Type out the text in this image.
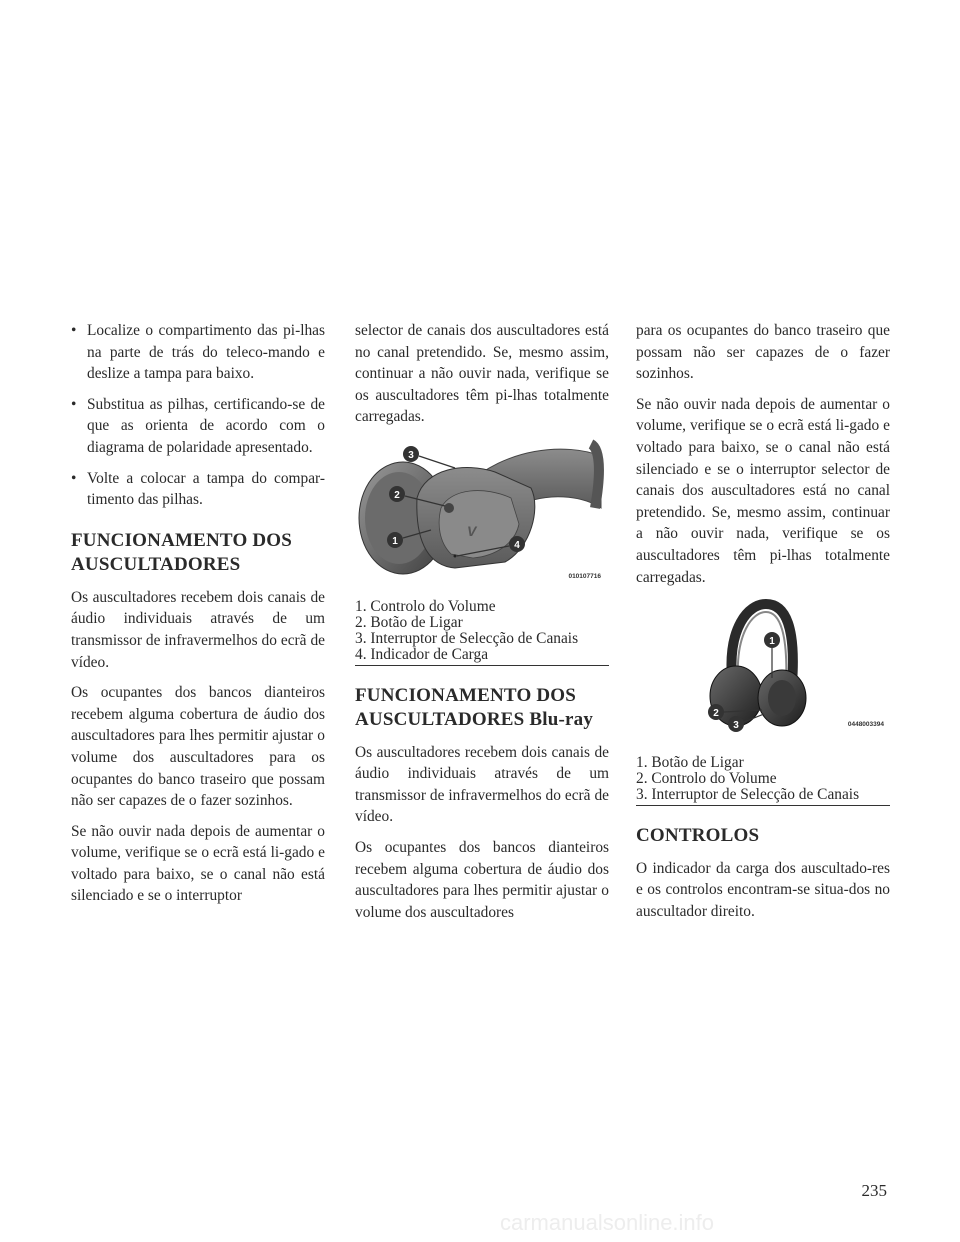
• Localize o compartimento das pi-lhas na parte de trás do teleco-mando e deslize a tampa para baixo.
• Substitua as pilhas, certificando-se de que as orienta de acordo com o diagrama de polaridade apresentado.
• Volte a colocar a tampa do compar-timento das pilhas.
FUNCIONAMENTO DOS AUSCULTADORES

Os auscultadores recebem dois canais de áudio individuais através de um transmissor de infravermelhos do ecrã de vídeo.

Os ocupantes dos bancos dianteiros recebem alguma cobertura de áudio dos auscultadores para lhes permitir ajustar o volume dos auscultadores para os ocupantes do banco traseiro que possam não ser capazes de o fazer sozinhos.

Se não ouvir nada depois de aumentar o volume, verifique se o ecrã está li-gado e voltado para baixo, se o canal não está silenciado e se o interruptor

selector de canais dos auscultadores está no canal pretendido. Se, mesmo assim, continuar a não ouvir nada, verifique se os auscultadores têm pi-lhas totalmente carregadas.

V
3
2
1	4
010107716
1. Controlo do Volume
2. Botão de Ligar
3. Interruptor de Selecção de Canais
4. Indicador de Carga
FUNCIONAMENTO DOS AUSCULTADORES Blu-ray

Os auscultadores recebem dois canais de áudio individuais através de um transmissor de infravermelhos do ecrã de vídeo.

Os ocupantes dos bancos dianteiros recebem alguma cobertura de áudio dos auscultadores para lhes permitir ajustar o volume dos auscultadores

para os ocupantes do banco traseiro que possam não ser capazes de o fazer sozinhos.

Se não ouvir nada depois de aumentar o volume, verifique se o ecrã está li-gado e voltado para baixo, se o canal não está silenciado e se o interruptor selector de canais dos auscultadores está no canal pretendido. Se, mesmo assim, continuar a não ouvir nada, verifique se os auscultadores têm pi-lhas totalmente carregadas.

1
2
3	0448003394
1. Botão de Ligar
2. Controlo do Volume
3. Interruptor de Selecção de Canais
CONTROLOS

O indicador da carga dos auscultado-res e os controlos encontram-se situa-dos no auscultador direito.

235
carmanualsonline.info
